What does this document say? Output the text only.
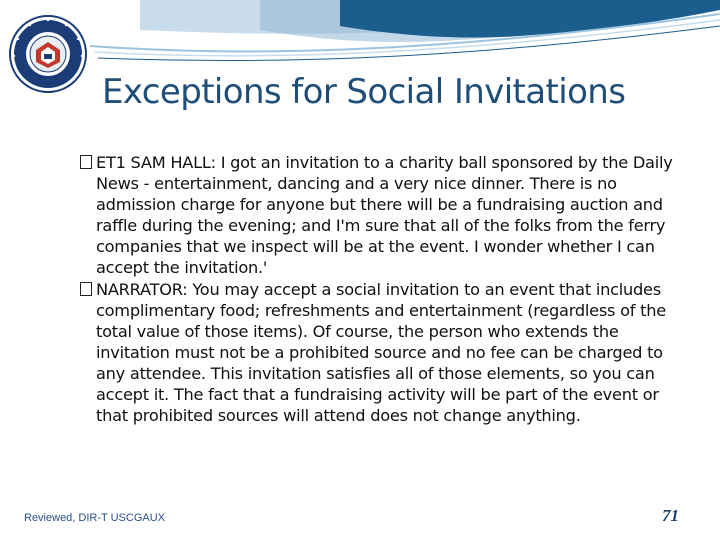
Exceptions for Social Invitations

ET1 SAM HALL: I got an invitation to a charity ball sponsored by the Daily News - entertainment, dancing and a very nice dinner. There is no admission charge for anyone but there will be a fundraising auction and raffle during the evening; and I'm sure that all of the folks from the ferry companies that we inspect will be at the event. I wonder whether I can accept the invitation.'

NARRATOR: You may accept a social invitation to an event that includes complimentary food; refreshments and entertainment (regardless of the total value of those items). Of course, the person who extends the invitation must not be a prohibited source and no fee can be charged to any attendee. This invitation satisfies all of those elements, so you can accept it. The fact that a fundraising activity will be part of the event or that prohibited sources will attend does not change anything.

Reviewed, DIR-T USCGAUX	71
